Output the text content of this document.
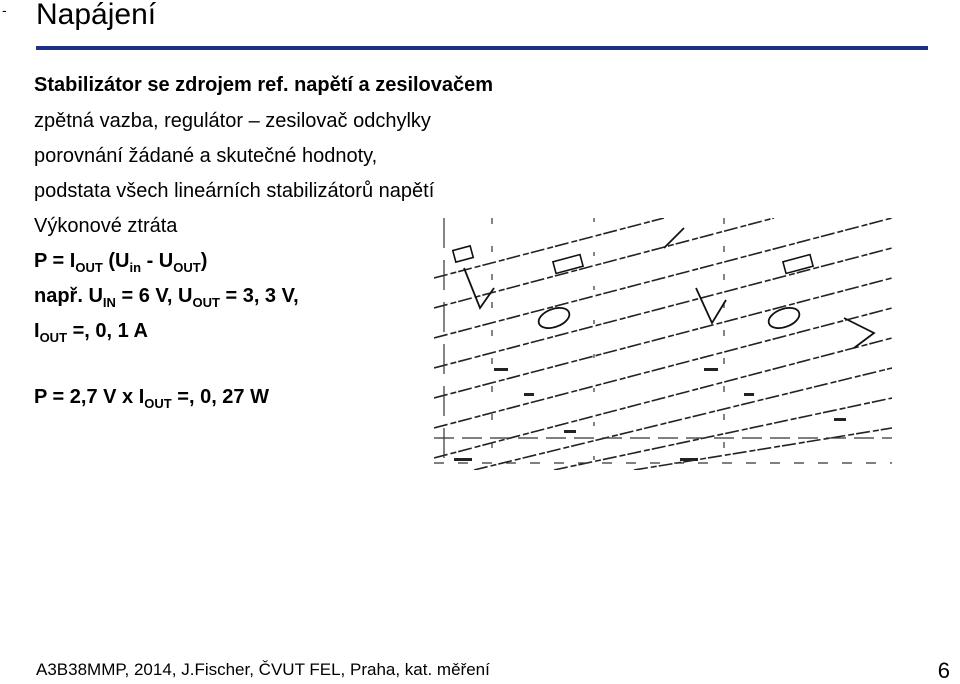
- Napájení
Stabilizátor se zdrojem ref. napětí a zesilovačem
zpětná vazba, regulátor – zesilovač odchylky
porovnání žádané a skutečné hodnoty,
podstata všech lineárních stabilizátorů napětí
Výkonové ztráta
$P = I_{OUT}$ $(U_{in} - U_{OUT})$
např. $U_{IN} = 6$ V, $U_{OUT} = 3$, 3 V,
$I_{OUT}$ =, 0, 1 A
P = 2,7 V x $I_{OUT}$ =, 0, 27 W
A3B38MMP, 2014, J.Fischer, ČVUT FEL, Praha, kat. měření	6
